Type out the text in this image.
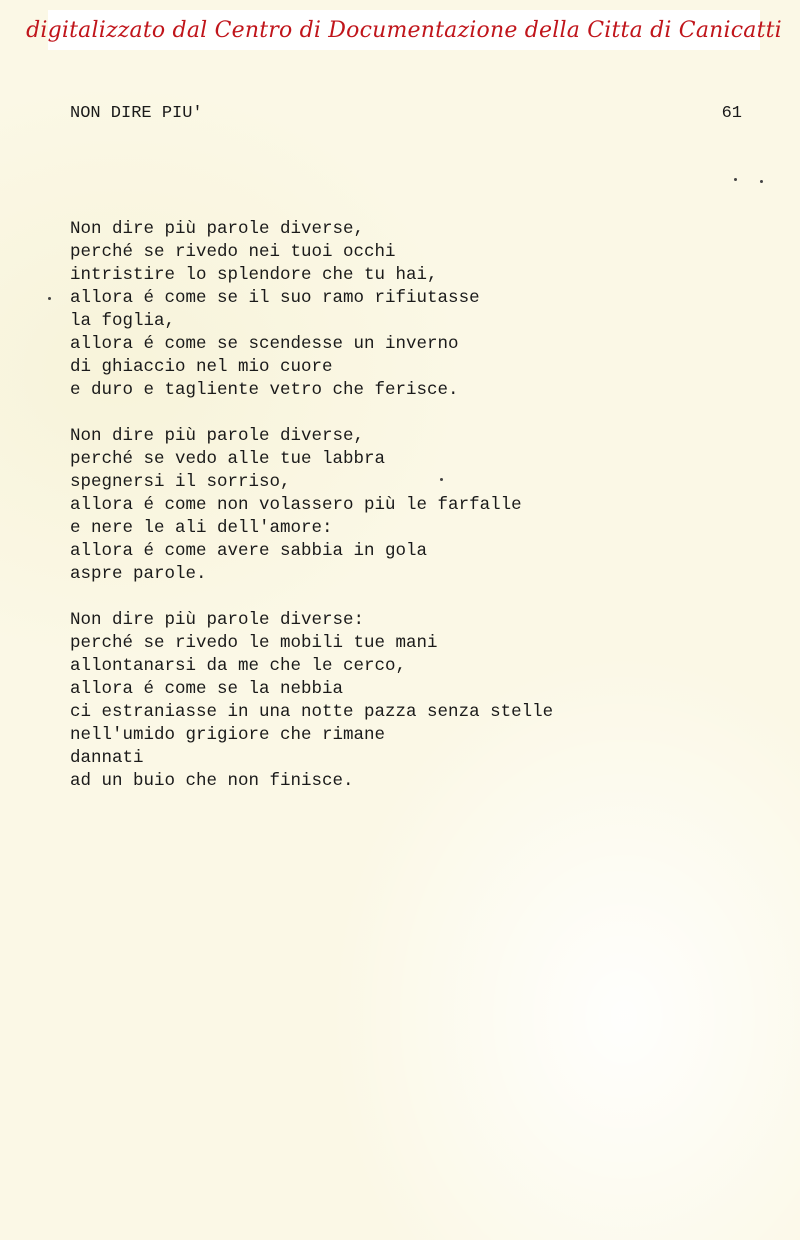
digitalizzato dal Centro di Documentazione della Citta di Canicatti
NON DIRE PIU'	61
Non dire più parole diverse,
perché se rivedo nei tuoi occhi
intristire lo splendore che tu hai,
allora é come se il suo ramo rifiutasse
la foglia,
allora é come se scendesse un inverno
di ghiaccio nel mio cuore
e duro e tagliente vetro che ferisce.
Non dire più parole diverse,
perché se vedo alle tue labbra
spegnersi il sorriso,
allora é come non volassero più le farfalle
e nere le ali dell'amore:
allora é come avere sabbia in gola
aspre parole.
Non dire più parole diverse:
perché se rivedo le mobili tue mani
allontanarsi da me che le cerco,
allora é come se la nebbia
ci estraniasse in una notte pazza senza stelle
nell'umido grigiore che rimane
dannati
ad un buio che non finisce.
